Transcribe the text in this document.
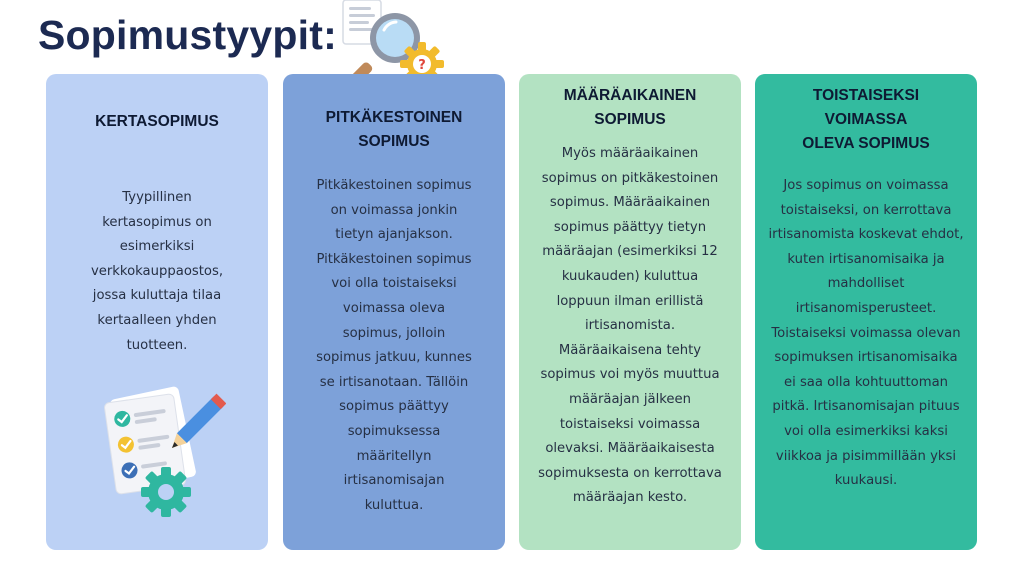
Sopimustyypit:
?
KERTASOPIMUS

Tyypillinen
kertasopimus on
esimerkiksi
verkkokauppaostos,
jossa kuluttaja tilaa
kertaalleen yhden
tuotteen.

PITKÄKESTOINEN
SOPIMUS

Pitkäkestoinen sopimus
on voimassa jonkin
tietyn ajanjakson.
Pitkäkestoinen sopimus
voi olla toistaiseksi
voimassa oleva
sopimus, jolloin
sopimus jatkuu, kunnes
se irtisanotaan. Tällöin
sopimus päättyy
sopimuksessa
määritellyn
irtisanomisajan
kuluttua.

MÄÄRÄAIKAINEN
SOPIMUS

Myös määräaikainen
sopimus on pitkäkestoinen
sopimus. Määräaikainen
sopimus päättyy tietyn
määräajan (esimerkiksi 12
kuukauden) kuluttua
loppuun ilman erillistä
irtisanomista.
Määräaikaisena tehty
sopimus voi myös muuttua
määräajan jälkeen
toistaiseksi voimassa
olevaksi. Määräaikaisesta
sopimuksesta on kerrottava
määräajan kesto.

TOISTAISEKSI
VOIMASSA
OLEVA SOPIMUS

Jos sopimus on voimassa
toistaiseksi, on kerrottava
irtisanomista koskevat ehdot,
kuten irtisanomisaika ja
mahdolliset
irtisanomisperusteet.
Toistaiseksi voimassa olevan
sopimuksen irtisanomisaika
ei saa olla kohtuuttoman
pitkä. Irtisanomisajan pituus
voi olla esimerkiksi kaksi
viikkoa ja pisimmillään yksi
kuukausi.
